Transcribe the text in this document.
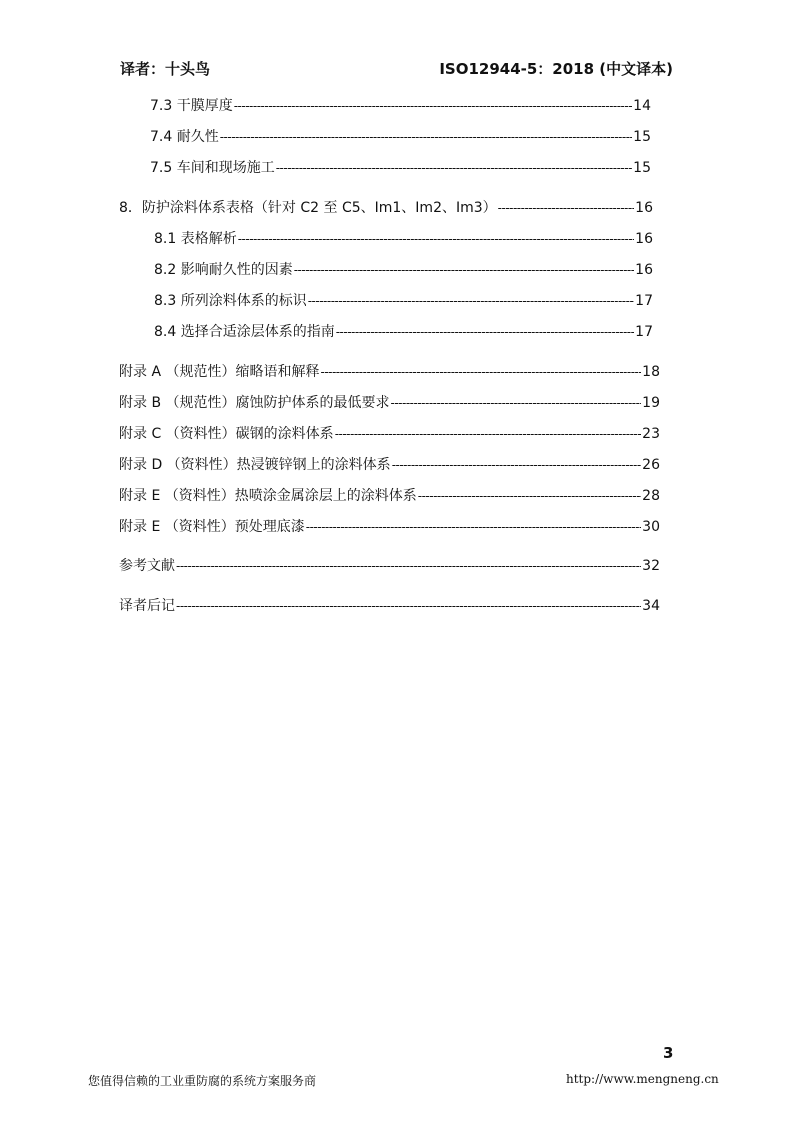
译者：十头鸟	ISO12944-5：2018 (中文译本)
7.3 干膜厚度 -----	14
7.4 耐久性 -----	15
7.5 车间和现场施工 -----	15
8．防护涂料体系表格（针对 C2 至 C5、Im1、Im2、Im3） -----	16
8.1 表格解析 -----	16
8.2 影响耐久性的因素 -----	16
8.3 所列涂料体系的标识 -----	17
8.4 选择合适涂层体系的指南 -----	17
附录 A （规范性）缩略语和解释 -----	18
附录 B （规范性）腐蚀防护体系的最低要求 -----	19
附录 C （资料性）碳钢的涂料体系 -----	23
附录 D （资料性）热浸镀锌钢上的涂料体系 -----	26
附录 E （资料性）热喷涂金属涂层上的涂料体系 -----	28
附录 E （资料性）预处理底漆 -----	30
参考文献 -----	32
译者后记 -----	34
3
您值得信赖的工业重防腐的系统方案服务商	http://www.mengneng.cn
